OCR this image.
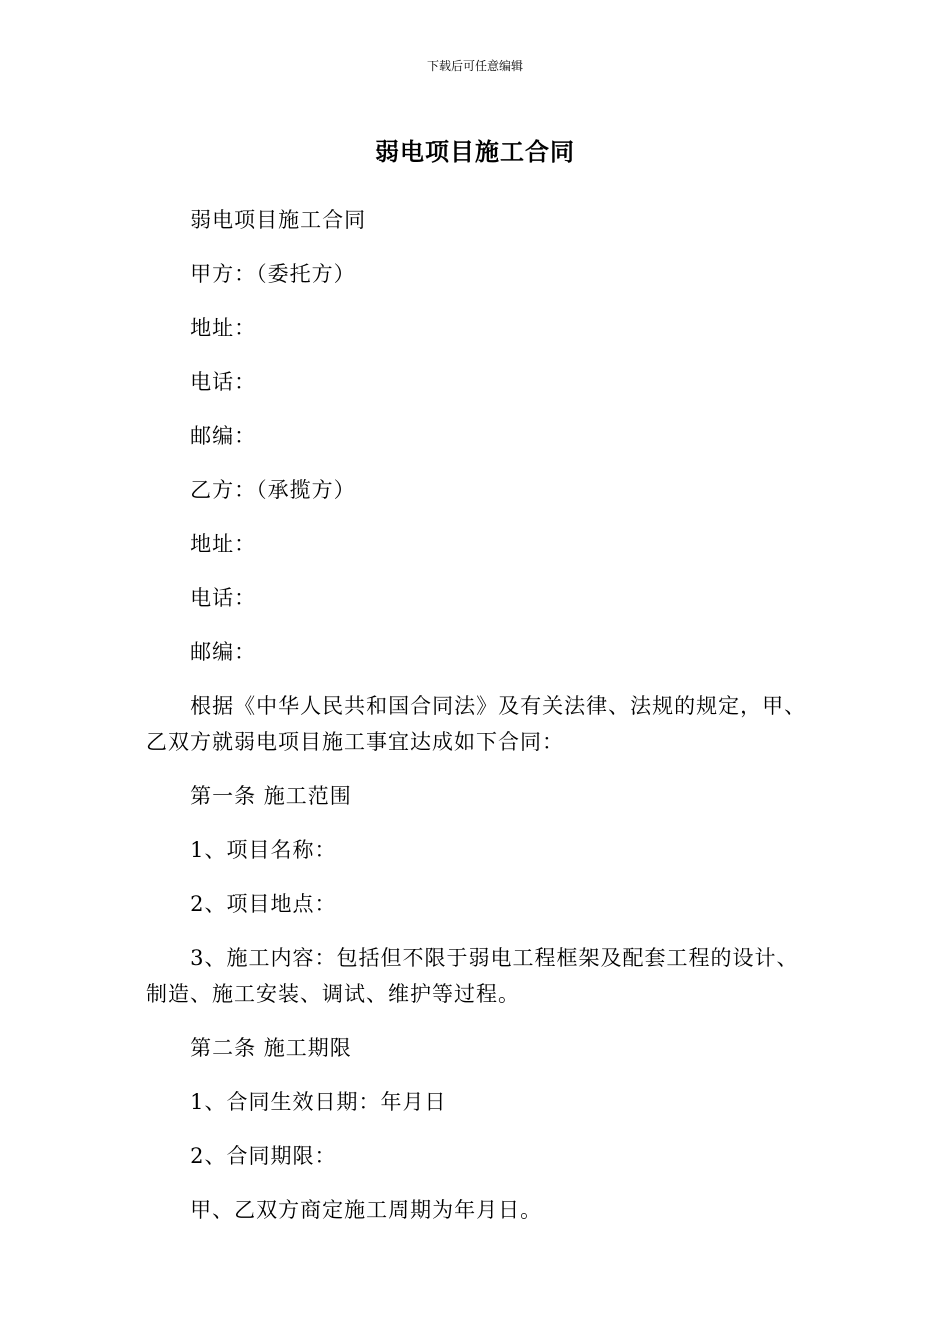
下载后可任意编辑
弱电项目施工合同

弱电项目施工合同

甲方：（委托方）

地址：

电话：

邮编：

乙方：（承揽方）

地址：

电话：

邮编：

根据《中华人民共和国合同法》及有关法律、法规的规定，甲、乙双方就弱电项目施工事宜达成如下合同：

第一条 施工范围

1、项目名称：

2、项目地点：

3、施工内容：包括但不限于弱电工程框架及配套工程的设计、制造、施工安装、调试、维护等过程。

第二条 施工期限

1、合同生效日期：年月日

2、合同期限：

甲、乙双方商定施工周期为年月日。
